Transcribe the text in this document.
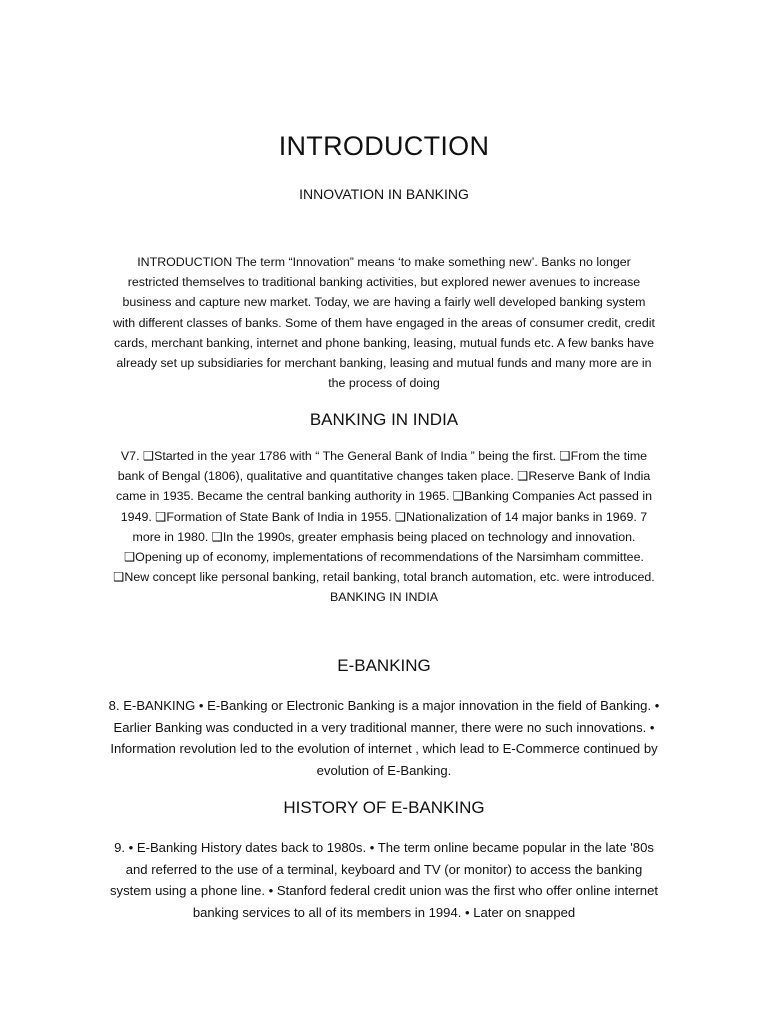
INTRODUCTION
INNOVATION IN BANKING
INTRODUCTION The term “Innovation” means ‘to make something new’. Banks no longer restricted themselves to traditional banking activities, but explored newer avenues to increase business and capture new market. Today, we are having a fairly well developed banking system with different classes of banks. Some of them have engaged in the areas of consumer credit, credit cards, merchant banking, internet and phone banking, leasing, mutual funds etc. A few banks have already set up subsidiaries for merchant banking, leasing and mutual funds and many more are in the process of doing
BANKING IN INDIA
V7. ❑Started in the year 1786 with “ The General Bank of India ” being the first. ❑From the time bank of Bengal (1806), qualitative and quantitative changes taken place. ❑Reserve Bank of India came in 1935. Became the central banking authority in 1965. ❑Banking Companies Act passed in 1949. ❑Formation of State Bank of India in 1955. ❑Nationalization of 14 major banks in 1969. 7 more in 1980. ❑In the 1990s, greater emphasis being placed on technology and innovation. ❑Opening up of economy, implementations of recommendations of the Narsimham committee. ❑New concept like personal banking, retail banking, total branch automation, etc. were introduced. BANKING IN INDIA
E-BANKING
8. E-BANKING • E-Banking or Electronic Banking is a major innovation in the field of Banking. • Earlier Banking was conducted in a very traditional manner, there were no such innovations. • Information revolution led to the evolution of internet , which lead to E-Commerce continued by evolution of E-Banking.
HISTORY OF E-BANKING
9. • E-Banking History dates back to 1980s. • The term online became popular in the late '80s and referred to the use of a terminal, keyboard and TV (or monitor) to access the banking system using a phone line. • Stanford federal credit union was the first who offer online internet banking services to all of its members in 1994. • Later on snapped
